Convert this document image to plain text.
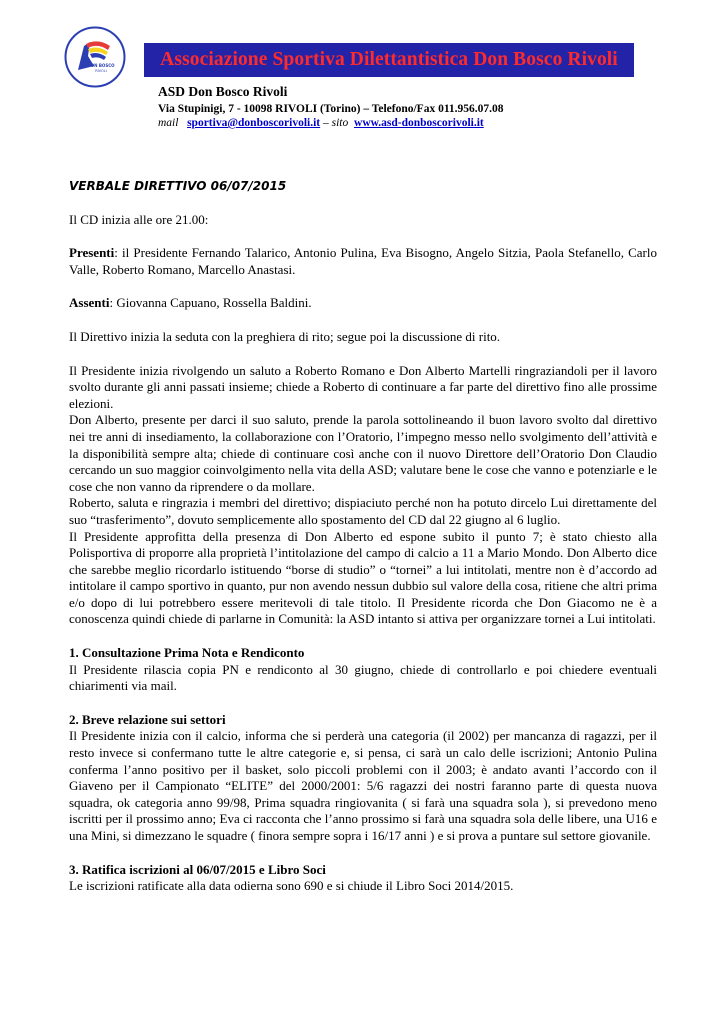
DON BOSCO
RIVOLI
Associazione Sportiva Dilettantistica Don Bosco Rivoli

ASD Don Bosco Rivoli

Via Stupinigi, 7 - 10098 RIVOLI (Torino) – Telefono/Fax 011.956.07.08

mail sportiva@donboscorivoli.it – sito www.asd-donboscorivoli.it

VERBALE DIRETTIVO 06/07/2015

Il CD inizia alle ore 21.00:

Presenti: il Presidente Fernando Talarico, Antonio Pulina, Eva Bisogno, Angelo Sitzia, Paola Stefanello, Carlo Valle, Roberto Romano, Marcello Anastasi.

Assenti: Giovanna Capuano, Rossella Baldini.

Il Direttivo inizia la seduta con la preghiera di rito; segue poi la discussione di rito.

Il Presidente inizia rivolgendo un saluto a Roberto Romano e Don Alberto Martelli ringraziandoli per il lavoro svolto durante gli anni passati insieme; chiede a Roberto di continuare a far parte del direttivo fino alle prossime elezioni.

Don Alberto, presente per darci il suo saluto, prende la parola sottolineando il buon lavoro svolto dal direttivo nei tre anni di insediamento, la collaborazione con l’Oratorio, l’impegno messo nello svolgimento dell’attività e la disponibilità sempre alta; chiede di continuare così anche con il nuovo Direttore dell’Oratorio Don Claudio cercando un suo maggior coinvolgimento nella vita della ASD; valutare bene le cose che vanno e potenziarle e le cose che non vanno da riprendere o da mollare.

Roberto, saluta e ringrazia i membri del direttivo; dispiaciuto perché non ha potuto dircelo Lui direttamente del suo “trasferimento”, dovuto semplicemente allo spostamento del CD dal 22 giugno al 6 luglio.

Il Presidente approfitta della presenza di Don Alberto ed espone subito il punto 7; è stato chiesto alla Polisportiva di proporre alla proprietà l’intitolazione del campo di calcio a 11 a Mario Mondo. Don Alberto dice che sarebbe meglio ricordarlo istituendo “borse di studio” o “tornei” a lui intitolati, mentre non è d’accordo ad intitolare il campo sportivo in quanto, pur non avendo nessun dubbio sul valore della cosa, ritiene che altri prima e/o dopo di lui potrebbero essere meritevoli di tale titolo. Il Presidente ricorda che Don Giacomo ne è a conoscenza quindi chiede di parlarne in Comunità: la ASD intanto si attiva per organizzare tornei a Lui intitolati.

1. Consultazione Prima Nota e Rendiconto

Il Presidente rilascia copia PN e rendiconto al 30 giugno, chiede di controllarlo e poi chiedere eventuali chiarimenti via mail.

2. Breve relazione sui settori

Il Presidente inizia con il calcio, informa che si perderà una categoria (il 2002) per mancanza di ragazzi, per il resto invece si confermano tutte le altre categorie e, si pensa, ci sarà un calo delle iscrizioni; Antonio Pulina conferma l’anno positivo per il basket, solo piccoli problemi con il 2003; è andato avanti l’accordo con il Giaveno per il Campionato “ELITE” del 2000/2001: 5/6 ragazzi dei nostri faranno parte di questa nuova squadra, ok categoria anno 99/98, Prima squadra ringiovanita ( si farà una squadra sola ), si prevedono meno iscritti per il prossimo anno; Eva ci racconta che l’anno prossimo si farà una squadra sola delle libere, una U16 e una Mini, si dimezzano le squadre ( finora sempre sopra i 16/17 anni ) e si prova a puntare sul settore giovanile.

3. Ratifica iscrizioni al 06/07/2015 e Libro Soci

Le iscrizioni ratificate alla data odierna sono 690 e si chiude il Libro Soci 2014/2015.
